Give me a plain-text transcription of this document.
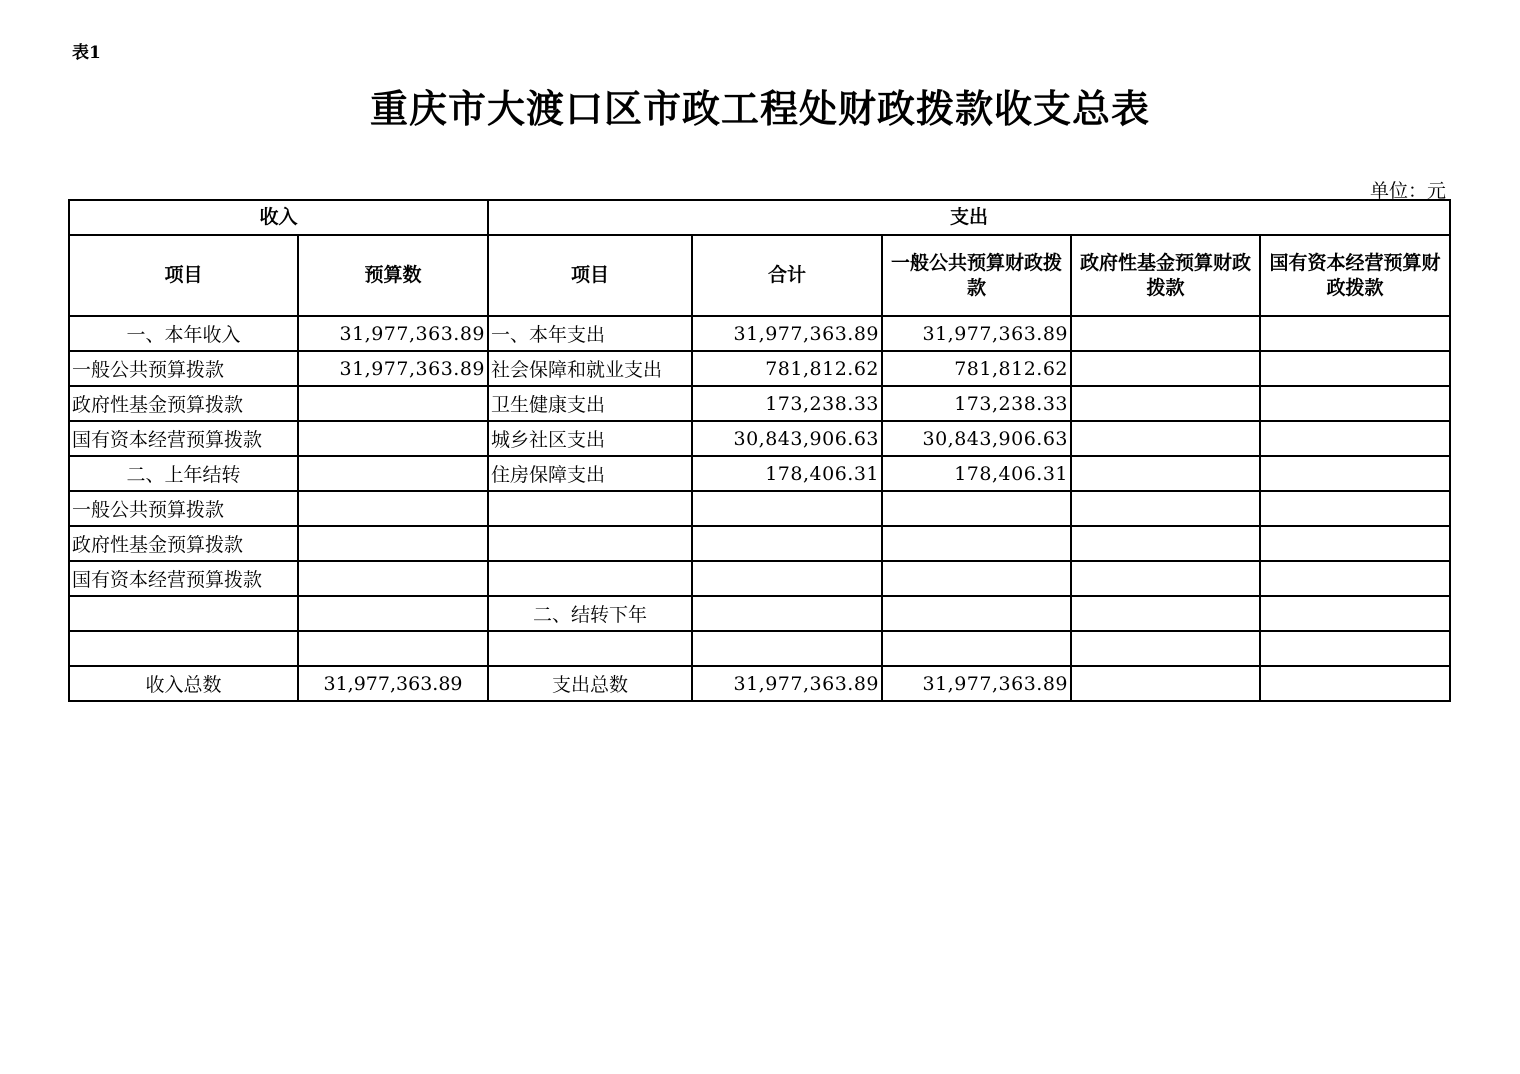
表1
重庆市大渡口区市政工程处财政拨款收支总表
单位：元
收入		支出				
项目	预算数	项目	合计	一般公共预算财政拨款	政府性基金预算财政拨款	国有资本经营预算财政拨款
一、本年收入	31,977,363.89	一、本年支出	31,977,363.89	31,977,363.89		
一般公共预算拨款	31,977,363.89	社会保障和就业支出	781,812.62	781,812.62		
政府性基金预算拨款		卫生健康支出	173,238.33	173,238.33		
国有资本经营预算拨款		城乡社区支出	30,843,906.63	30,843,906.63		
二、上年结转		住房保障支出	178,406.31	178,406.31		
一般公共预算拨款						
政府性基金预算拨款						
国有资本经营预算拨款						
		二、结转下年				

收入总数	31,977,363.89	支出总数	31,977,363.89	31,977,363.89		
